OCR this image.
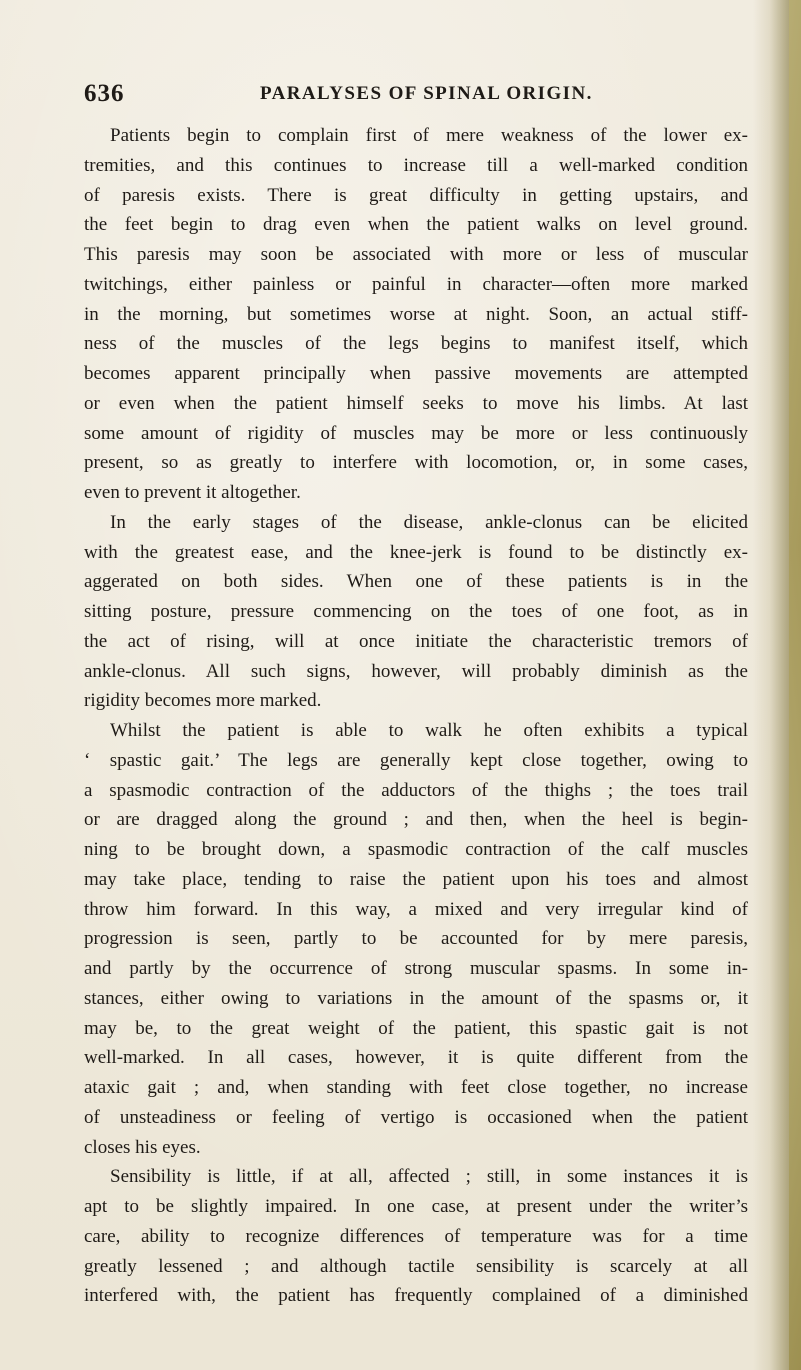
636	PARALYSES OF SPINAL ORIGIN.
Patients begin to complain first of mere weakness of the lower ex-
tremities, and this continues to increase till a well-marked condition
of paresis exists. There is great difficulty in getting upstairs, and
the feet begin to drag even when the patient walks on level ground.
This paresis may soon be associated with more or less of muscular
twitchings, either painless or painful in character—often more marked
in the morning, but sometimes worse at night. Soon, an actual stiff-
ness of the muscles of the legs begins to manifest itself, which
becomes apparent principally when passive movements are attempted
or even when the patient himself seeks to move his limbs. At last
some amount of rigidity of muscles may be more or less continuously
present, so as greatly to interfere with locomotion, or, in some cases,
even to prevent it altogether.
In the early stages of the disease, ankle-clonus can be elicited
with the greatest ease, and the knee-jerk is found to be distinctly ex-
aggerated on both sides. When one of these patients is in the
sitting posture, pressure commencing on the toes of one foot, as in
the act of rising, will at once initiate the characteristic tremors of
ankle-clonus. All such signs, however, will probably diminish as the
rigidity becomes more marked.
Whilst the patient is able to walk he often exhibits a typical
‘ spastic gait.’ The legs are generally kept close together, owing to
a spasmodic contraction of the adductors of the thighs ; the toes trail
or are dragged along the ground ; and then, when the heel is begin-
ning to be brought down, a spasmodic contraction of the calf muscles
may take place, tending to raise the patient upon his toes and almost
throw him forward. In this way, a mixed and very irregular kind of
progression is seen, partly to be accounted for by mere paresis,
and partly by the occurrence of strong muscular spasms. In some in-
stances, either owing to variations in the amount of the spasms or, it
may be, to the great weight of the patient, this spastic gait is not
well-marked. In all cases, however, it is quite different from the
ataxic gait ; and, when standing with feet close together, no increase
of unsteadiness or feeling of vertigo is occasioned when the patient
closes his eyes.
Sensibility is little, if at all, affected ; still, in some instances it is
apt to be slightly impaired. In one case, at present under the writer’s
care, ability to recognize differences of temperature was for a time
greatly lessened ; and although tactile sensibility is scarcely at all
interfered with, the patient has frequently complained of a diminished
